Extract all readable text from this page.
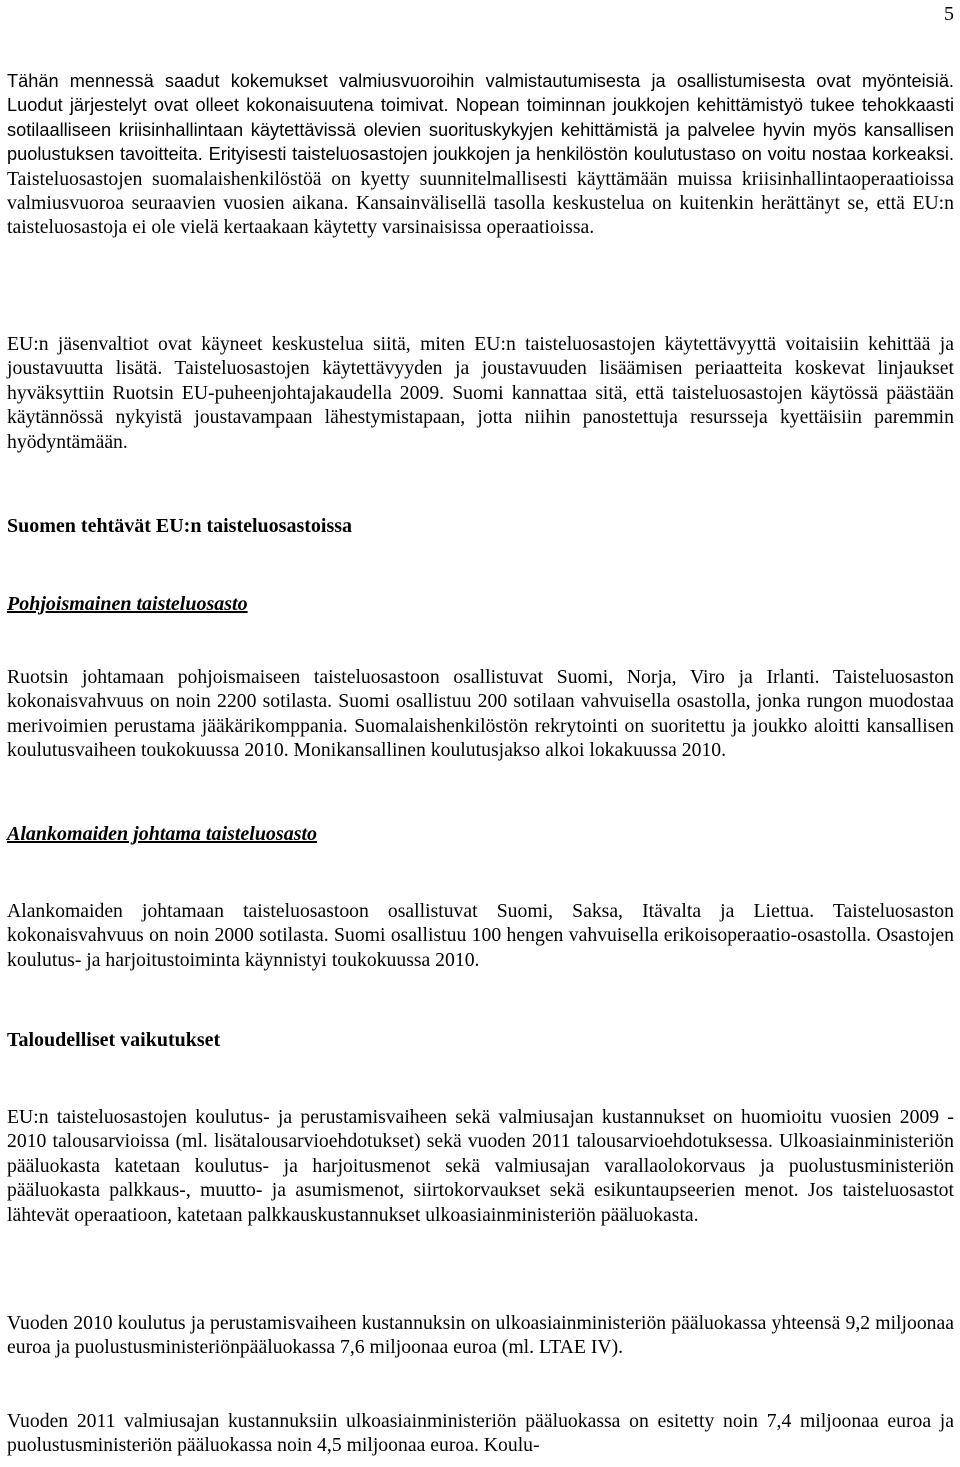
5

Tähän mennessä saadut kokemukset valmiusvuoroihin valmistautumisesta ja osallistumisesta ovat myönteisiä. Luodut järjestelyt ovat olleet kokonaisuutena toimivat. Nopean toiminnan joukkojen kehittämistyö tukee tehokkaasti sotilaalliseen kriisinhallintaan käytettävissä olevien suorituskykyjen kehittämistä ja palvelee hyvin myös kansallisen puolustuksen tavoitteita. Erityisesti taisteluosastojen joukkojen ja henkilöstön koulutustaso on voitu nostaa korkeaksi. Taisteluosastojen suomalaishenkilöstöä on kyetty suunnitelmallisesti käyttämään muissa kriisinhallintaoperaatioissa valmiusvuoroa seuraavien vuosien aikana. Kansainvälisellä tasolla keskustelua on kuitenkin herättänyt se, että EU:n taisteluosastoja ei ole vielä kertaakaan käytetty varsinaisissa operaatioissa.

EU:n jäsenvaltiot ovat käyneet keskustelua siitä, miten EU:n taisteluosastojen käytettävyyttä voitaisiin kehittää ja joustavuutta lisätä. Taisteluosastojen käytettävyyden ja joustavuuden lisäämisen periaatteita koskevat linjaukset hyväksyttiin Ruotsin EU-puheenjohtajakaudella 2009. Suomi kannattaa sitä, että taisteluosastojen käytössä päästään käytännössä nykyistä joustavampaan lähestymistapaan, jotta niihin panostettuja resursseja kyettäisiin paremmin hyödyntämään.

Suomen tehtävät EU:n taisteluosastoissa
Pohjoismainen taisteluosasto

Ruotsin johtamaan pohjoismaiseen taisteluosastoon osallistuvat Suomi, Norja, Viro ja Irlanti. Taisteluosaston kokonaisvahvuus on noin 2200 sotilasta. Suomi osallistuu 200 sotilaan vahvuisella osastolla, jonka rungon muodostaa merivoimien perustama jääkärikomppania. Suomalaishenkilöstön rekrytointi on suoritettu ja joukko aloitti kansallisen koulutusvaiheen toukokuussa 2010. Monikansallinen koulutusjakso alkoi lokakuussa 2010.

Alankomaiden johtama taisteluosasto

Alankomaiden johtamaan taisteluosastoon osallistuvat Suomi, Saksa, Itävalta ja Liettua. Taisteluosaston kokonaisvahvuus on noin 2000 sotilasta. Suomi osallistuu 100 hengen vahvuisella erikoisoperaatio-osastolla. Osastojen koulutus- ja harjoitustoiminta käynnistyi toukokuussa 2010.

Taloudelliset vaikutukset

EU:n taisteluosastojen koulutus- ja perustamisvaiheen sekä valmiusajan kustannukset on huomioitu vuosien 2009 - 2010 talousarvioissa (ml. lisätalousarvioehdotukset) sekä vuoden 2011 talousarvioehdotuksessa. Ulkoasiainministeriön pääluokasta katetaan koulutus- ja harjoitusmenot sekä valmiusajan varallaolokorvaus ja puolustusministeriön pääluokasta palkkaus-, muutto- ja asumismenot, siirtokorvaukset sekä esikuntaupseerien menot. Jos taisteluosastot lähtevät operaatioon, katetaan palkkauskustannukset ulkoasiainministeriön pääluokasta.

Vuoden 2010 koulutus ja perustamisvaiheen kustannuksin on ulkoasiainministeriön pääluokassa yhteensä 9,2 miljoonaa euroa ja puolustusministeriönpääluokassa 7,6 miljoonaa euroa (ml. LTAE IV).

Vuoden 2011 valmiusajan kustannuksiin ulkoasiainministeriön pääluokassa on esitetty noin 7,4 miljoonaa euroa ja puolustusministeriön pääluokassa noin 4,5 miljoonaa euroa. Koulu-
